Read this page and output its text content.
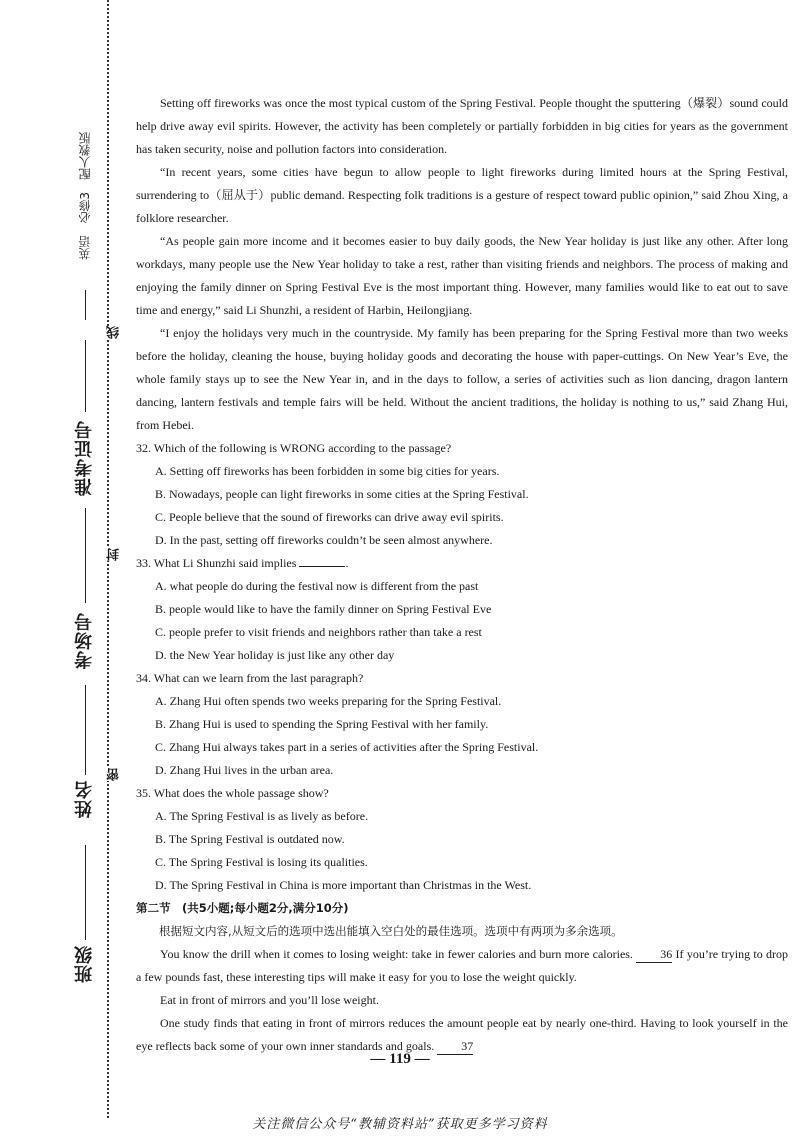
英语　必修3　配人教版
准考证号
考场号
姓名
班级
线
封
密

Setting off fireworks was once the most typical custom of the Spring Festival. People thought the sputtering（爆裂）sound could help drive away evil spirits. However, the activity has been completely or partially forbidden in big cities for years as the government has taken security, noise and pollution factors into consideration.

“In recent years, some cities have begun to allow people to light fireworks during limited hours at the Spring Festival, surrendering to（屈从于）public demand. Respecting folk traditions is a gesture of respect toward public opinion,” said Zhou Xing, a folklore researcher.

“As people gain more income and it becomes easier to buy daily goods, the New Year holiday is just like any other. After long workdays, many people use the New Year holiday to take a rest, rather than visiting friends and neighbors. The process of making and enjoying the family dinner on Spring Festival Eve is the most important thing. However, many families would like to eat out to save time and energy,” said Li Shunzhi, a resident of Harbin, Heilongjiang.

“I enjoy the holidays very much in the countryside. My family has been preparing for the Spring Festival more than two weeks before the holiday, cleaning the house, buying holiday goods and decorating the house with paper-cuttings. On New Year’s Eve, the whole family stays up to see the New Year in, and in the days to follow, a series of activities such as lion dancing, dragon lantern dancing, lantern festivals and temple fairs will be held. Without the ancient traditions, the holiday is nothing to us,” said Zhang Hui, from Hebei.

32. Which of the following is WRONG according to the passage?

A. Setting off fireworks has been forbidden in some big cities for years.

B. Nowadays, people can light fireworks in some cities at the Spring Festival.

C. People believe that the sound of fireworks can drive away evil spirits.

D. In the past, setting off fireworks couldn’t be seen almost anywhere.

33. What Li Shunzhi said implies	.

A. what people do during the festival now is different from the past

B. people would like to have the family dinner on Spring Festival Eve

C. people prefer to visit friends and neighbors rather than take a rest

D. the New Year holiday is just like any other day

34. What can we learn from the last paragraph?

A. Zhang Hui often spends two weeks preparing for the Spring Festival.

B. Zhang Hui is used to spending the Spring Festival with her family.

C. Zhang Hui always takes part in a series of activities after the Spring Festival.

D. Zhang Hui lives in the urban area.

35. What does the whole passage show?

A. The Spring Festival is as lively as before.

B. The Spring Festival is outdated now.

C. The Spring Festival is losing its qualities.

D. The Spring Festival in China is more important than Christmas in the West.

第二节　(共5小题;每小题2分,满分10分)

根据短文内容,从短文后的选项中选出能填入空白处的最佳选项。选项中有两项为多余选项。

You know the drill when it comes to losing weight: take in fewer calories and burn more calories. 36 If you’re trying to drop a few pounds fast, these interesting tips will make it easy for you to lose the weight quickly.

Eat in front of mirrors and you’ll lose weight.

One study finds that eating in front of mirrors reduces the amount people eat by nearly one-third. Having to look yourself in the eye reflects back some of your own inner standards and goals. 37

— 119 —
关注微信公众号“教辅资料站”获取更多学习资料
